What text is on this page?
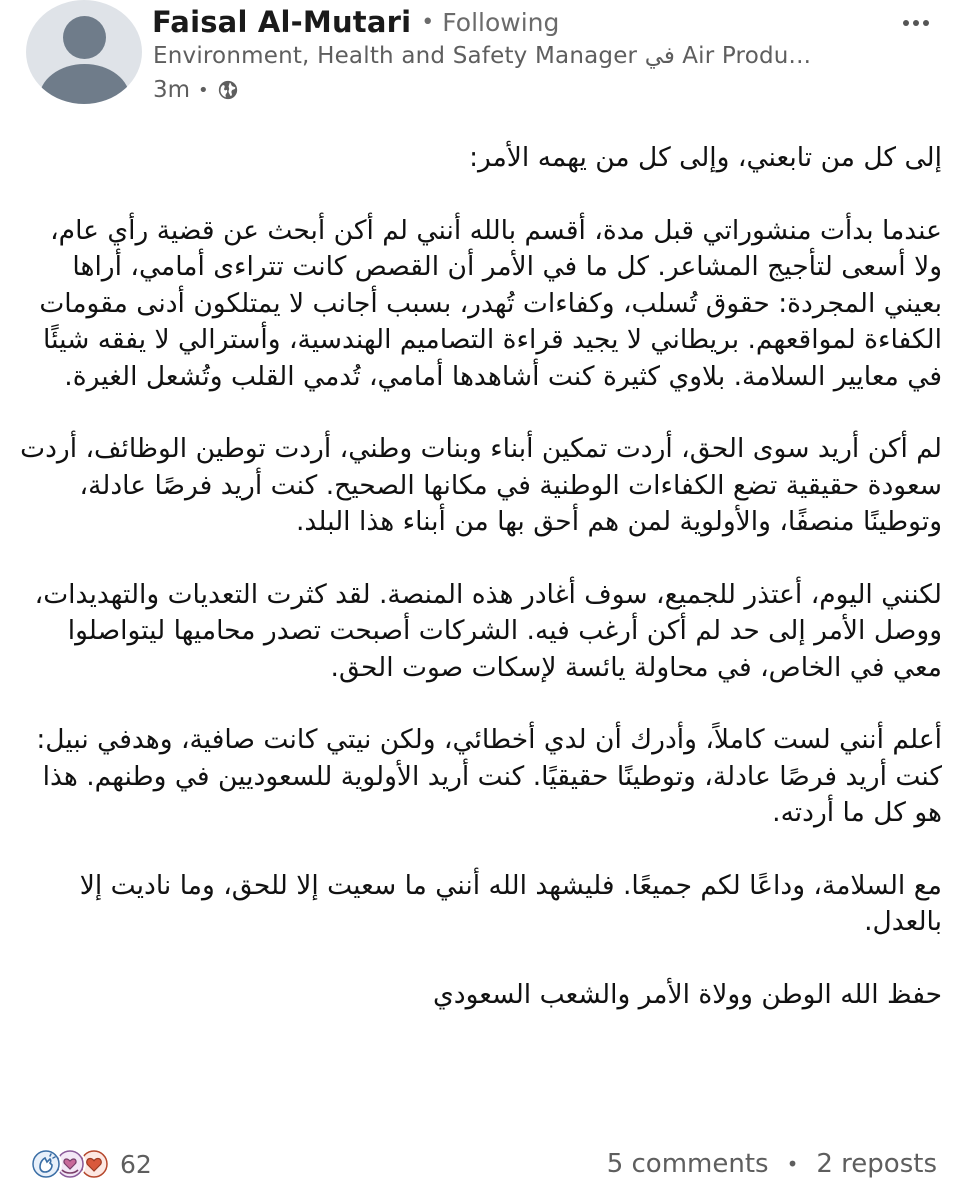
Faisal Al-Mutari • Following
Environment, Health and Safety Manager في Air Produ...
3m •

إلى كل من تابعني، وإلى كل من يهمه الأمر:

عندما بدأت منشوراتي قبل مدة، أقسم بالله أنني لم أكن أبحث عن قضية رأي عام، ولا أسعى لتأجيج المشاعر. كل ما في الأمر أن القصص كانت تتراءى أمامي، أراها بعيني المجردة: حقوق تُسلب، وكفاءات تُهدر، بسبب أجانب لا يمتلكون أدنى مقومات الكفاءة لمواقعهم. بريطاني لا يجيد قراءة التصاميم الهندسية، وأسترالي لا يفقه شيئًا في معايير السلامة. بلاوي كثيرة كنت أشاهدها أمامي، تُدمي القلب وتُشعل الغيرة.

لم أكن أريد سوى الحق، أردت تمكين أبناء وبنات وطني، أردت توطين الوظائف، أردت سعودة حقيقية تضع الكفاءات الوطنية في مكانها الصحيح. كنت أريد فرصًا عادلة، وتوطينًا منصفًا، والأولوية لمن هم أحق بها من أبناء هذا البلد.

لكنني اليوم، أعتذر للجميع، سوف أغادر هذه المنصة. لقد كثرت التعديات والتهديدات، ووصل الأمر إلى حد لم أكن أرغب فيه. الشركات أصبحت تصدر محاميها ليتواصلوا معي في الخاص، في محاولة يائسة لإسكات صوت الحق.

أعلم أنني لست كاملاً، وأدرك أن لدي أخطائي، ولكن نيتي كانت صافية، وهدفي نبيل: كنت أريد فرصًا عادلة، وتوطينًا حقيقيًا. كنت أريد الأولوية للسعوديين في وطنهم. هذا هو كل ما أردته.

مع السلامة، وداعًا لكم جميعًا. فليشهد الله أنني ما سعيت إلا للحق، وما ناديت إلا بالعدل.

حفظ الله الوطن وولاة الأمر والشعب السعودي

62	5 comments • 2 reposts
